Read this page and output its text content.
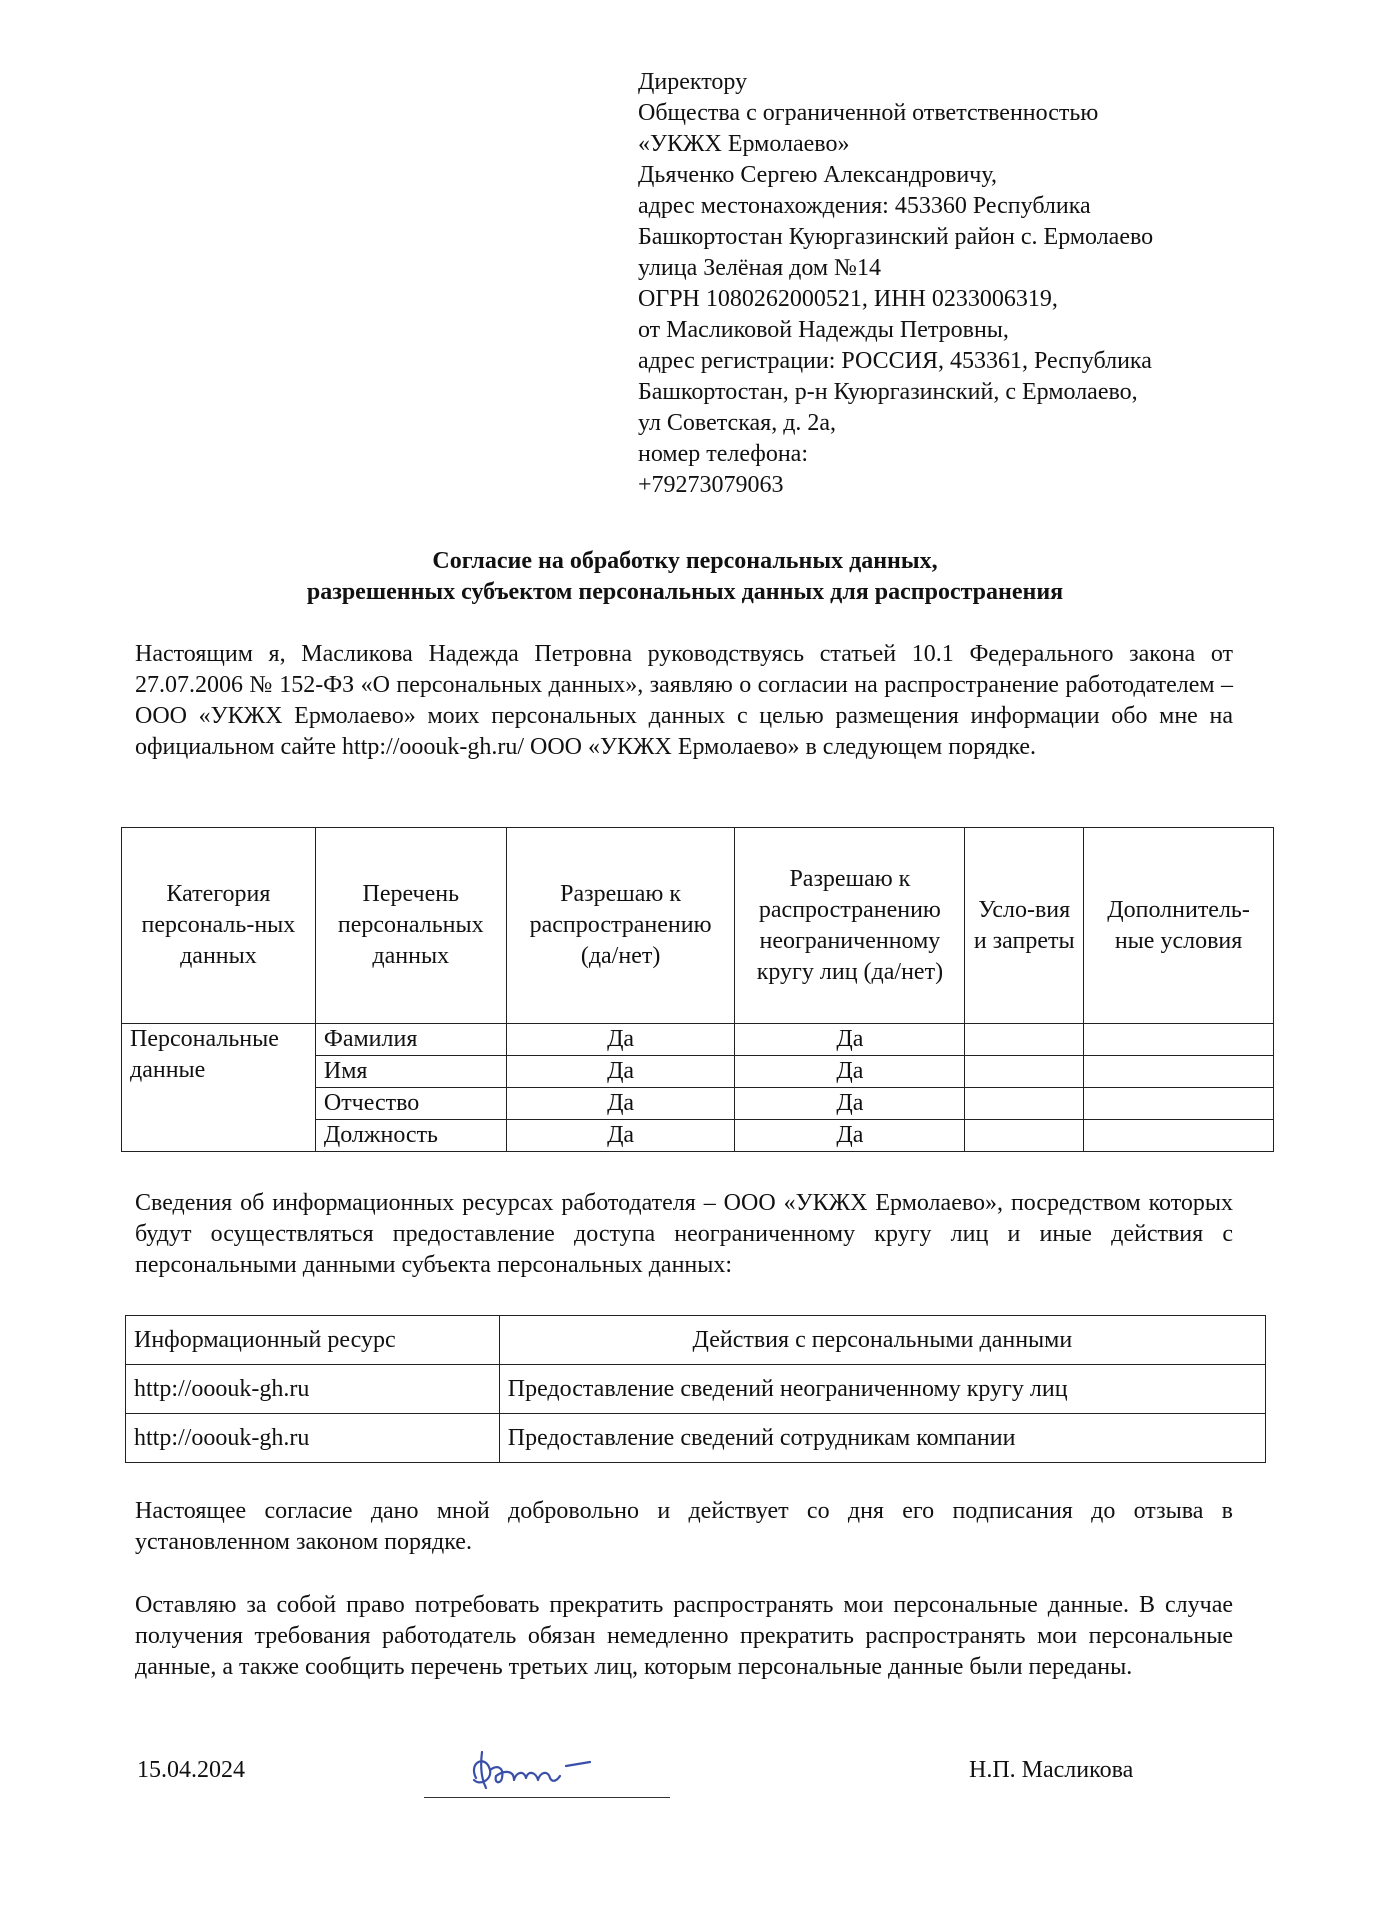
Директору
Общества с ограниченной ответственностью
«УКЖХ Ермолаево»
Дьяченко Сергею Александровичу,
адрес местонахождения: 453360 Республика
Башкортостан Куюргазинский район с. Ермолаево
улица Зелёная дом №14
ОГРН 1080262000521, ИНН 0233006319,
от Масликовой Надежды Петровны,
адрес регистрации: РОССИЯ, 453361, Республика
Башкортостан, р-н Куюргазинский, с Ермолаево,
ул Советская, д. 2а,
номер телефона:
+79273079063
Согласие на обработку персональных данных,
разрешенных субъектом персональных данных для распространения
Настоящим я, Масликова Надежда Петровна руководствуясь статьей 10.1 Федерального закона от 27.07.2006 № 152-ФЗ «О персональных данных», заявляю о согласии на распространение работодателем – ООО «УКЖХ Ермолаево» моих персональных данных с целью размещения информации обо мне на официальном сайте http://ooouk-gh.ru/ ООО «УКЖХ Ермолаево» в следующем порядке.
Категория персональ-ных данных	Перечень персональных данных	Разрешаю к распространению (да/нет)	Разрешаю к распространению неограниченному кругу лиц (да/нет)	Усло-вия и запреты	Дополнитель-ные условия
Персональные данные	Фамилия	Да	Да		
	Имя	Да	Да		
	Отчество	Да	Да		
	Должность	Да	Да		
Сведения об информационных ресурсах работодателя – ООО «УКЖХ Ермолаево», посредством которых будут осуществляться предоставление доступа неограниченному кругу лиц и иные действия с персональными данными субъекта персональных данных:
Информационный ресурс	Действия с персональными данными
http://ooouk-gh.ru	Предоставление сведений неограниченному кругу лиц
http://ooouk-gh.ru	Предоставление сведений сотрудникам компании
Настоящее согласие дано мной добровольно и действует со дня его подписания до отзыва в установленном законом порядке.
Оставляю за собой право потребовать прекратить распространять мои персональные данные. В случае получения требования работодатель обязан немедленно прекратить распространять мои персональные данные, а также сообщить перечень третьих лиц, которым персональные данные были переданы.
15.04.2024	Н.П. Масликова
